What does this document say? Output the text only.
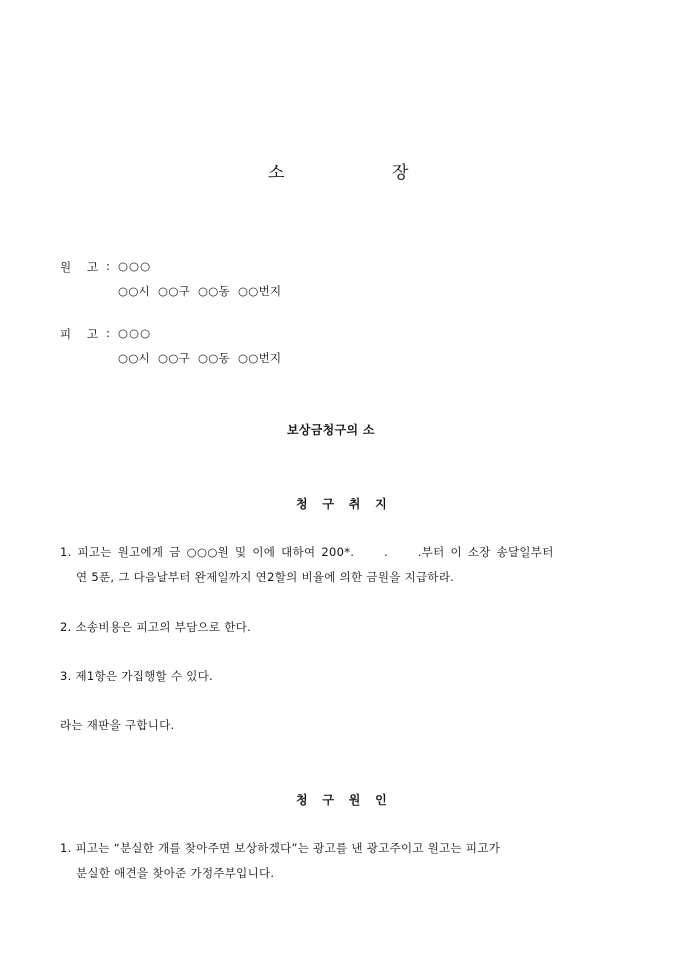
소	장
원 고 : ○○○
○○시  ○○구  ○○동  ○○번지
피 고 : ○○○
○○시  ○○구  ○○동  ○○번지
보상금청구의 소
청 구 취 지
1. 피고는 원고에게 금 ○○○원 및 이에 대하여 200*.     .     .부터 이 소장 송달일부터
연 5푼, 그 다음날부터 완제일까지 연2할의 비율에 의한 금원을 지급하라.
2. 소송비용은 피고의 부담으로 한다.
3. 제1항은 가집행할 수 있다.
라는 재판을 구합니다.
청 구 원 인
1. 피고는 “분실한 개를 찾아주면 보상하겠다”는 광고를 낸 광고주이고 원고는 피고가
분실한 애견을 찾아준 가정주부입니다.
